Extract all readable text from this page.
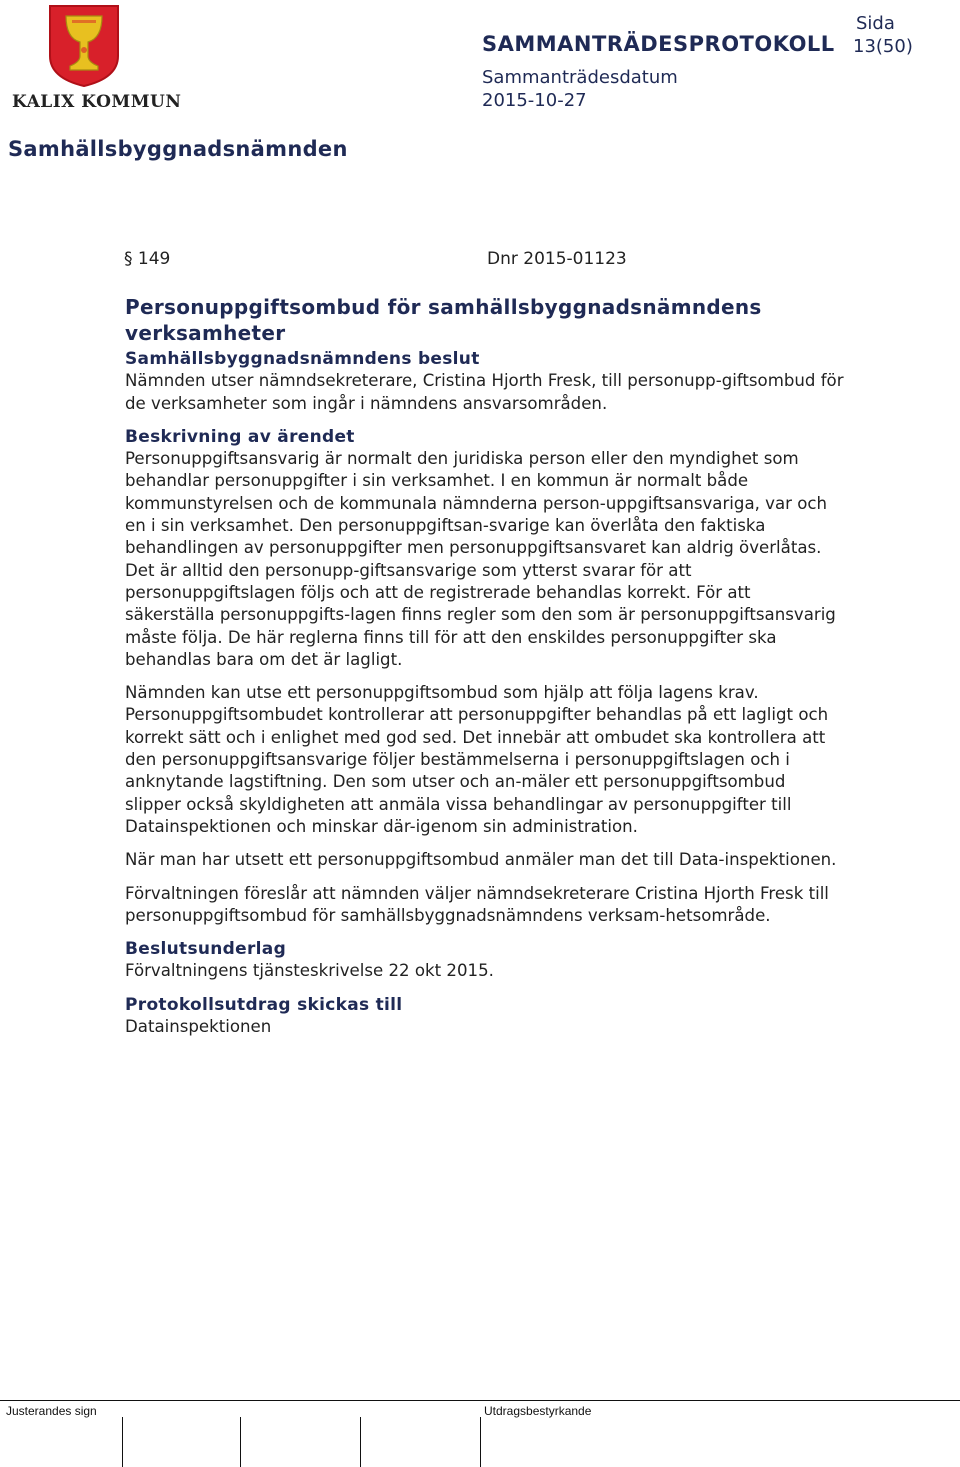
KALIX KOMMUN
SAMMANTRÄDESPROTOKOLL
Sida
13(50)
Sammanträdesdatum
2015-10-27
Samhällsbyggnadsnämnden
§ 149	Dnr 2015-01123

Personuppgiftsombud för samhällsbyggnadsnämndens verksamheter

Samhällsbyggnadsnämndens beslut

Nämnden utser nämndsekreterare, Cristina Hjorth Fresk, till personupp-giftsombud för de verksamheter som ingår i nämndens ansvarsområden.

Beskrivning av ärendet

Personuppgiftsansvarig är normalt den juridiska person eller den myndighet som behandlar personuppgifter i sin verksamhet. I en kommun är normalt både kommunstyrelsen och de kommunala nämnderna person-uppgiftsansvariga, var och en i sin verksamhet. Den personuppgiftsan-svarige kan överlåta den faktiska behandlingen av personuppgifter men personuppgiftsansvaret kan aldrig överlåtas. Det är alltid den personupp-giftsansvarige som ytterst svarar för att personuppgiftslagen följs och att de registrerade behandlas korrekt. För att säkerställa personuppgifts-lagen finns regler som den som är personuppgiftsansvarig måste följa. De här reglerna finns till för att den enskildes personuppgifter ska behandlas bara om det är lagligt.

Nämnden kan utse ett personuppgiftsombud som hjälp att följa lagens krav. Personuppgiftsombudet kontrollerar att personuppgifter behandlas på ett lagligt och korrekt sätt och i enlighet med god sed. Det innebär att ombudet ska kontrollera att den personuppgiftsansvarige följer bestämmelserna i personuppgiftslagen och i anknytande lagstiftning. Den som utser och an-mäler ett personuppgiftsombud slipper också skyldigheten att anmäla vissa behandlingar av personuppgifter till Datainspektionen och minskar där-igenom sin administration.

När man har utsett ett personuppgiftsombud anmäler man det till Data-inspektionen.

Förvaltningen föreslår att nämnden väljer nämndsekreterare Cristina Hjorth Fresk till personuppgiftsombud för samhällsbyggnadsnämndens verksam-hetsområde.

Beslutsunderlag

Förvaltningens tjänsteskrivelse 22 okt 2015.

Protokollsutdrag skickas till

Datainspektionen

Justerandes sign	Utdragsbestyrkande
